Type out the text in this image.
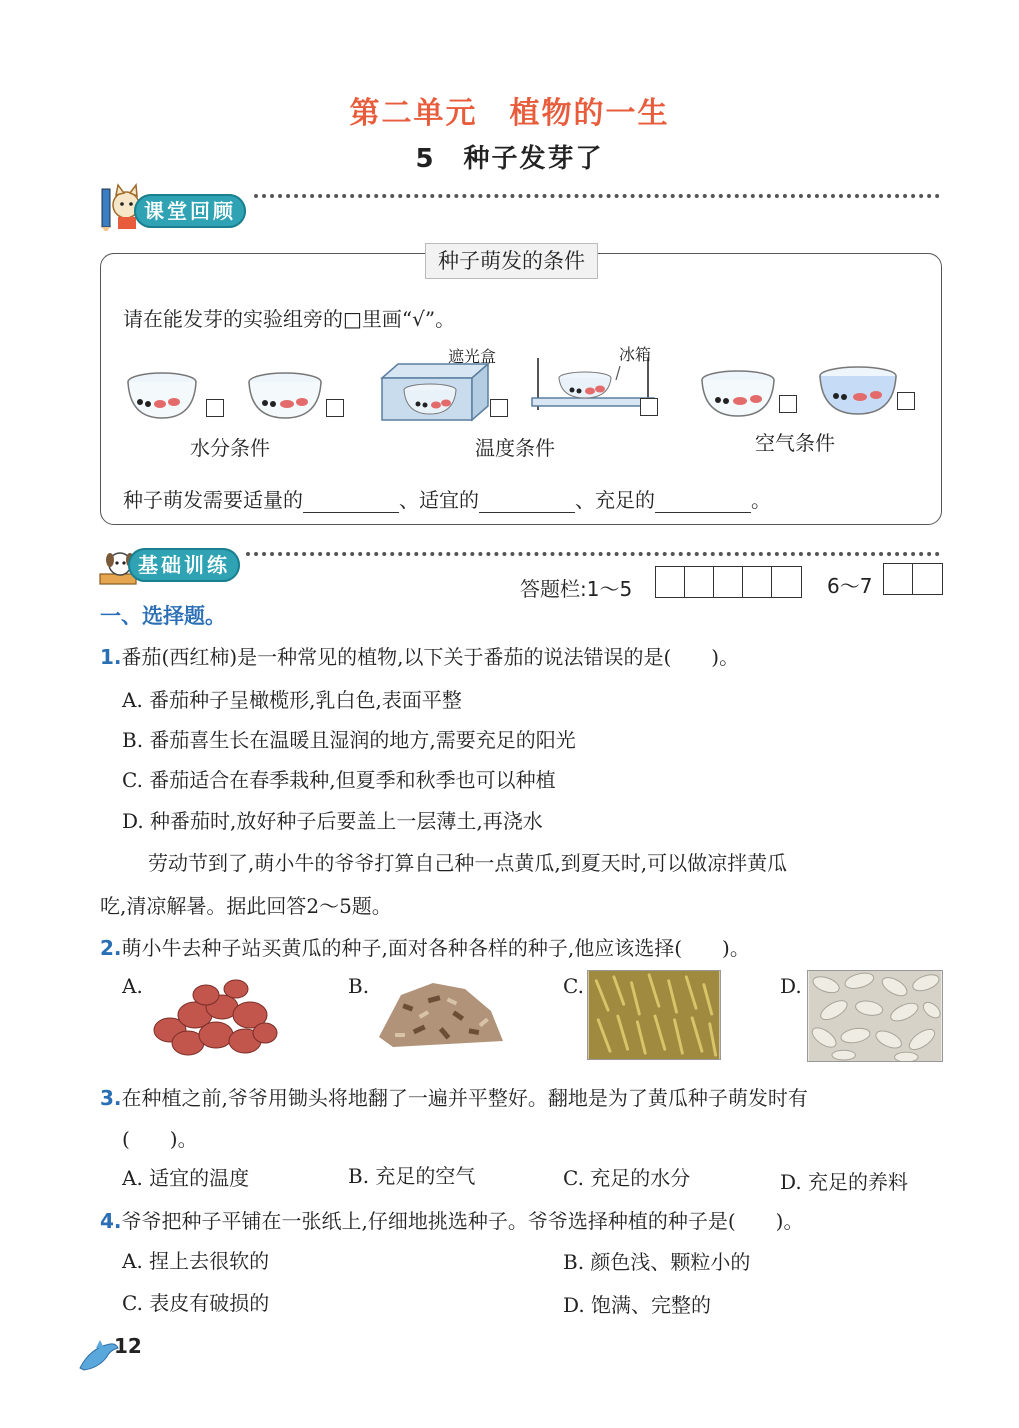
第二单元　植物的一生
5　种子发芽了
课堂回顾
种子萌发的条件
请在能发芽的实验组旁的□里画“√”。
遮光盒	冰箱
水分条件	温度条件	空气条件
种子萌发需要适量的	、适宜的	、充足的	。
基础训练
答题栏:1～5	6～7
一、选择题。
1.番茄(西红柿)是一种常见的植物,以下关于番茄的说法错误的是(　　)。
A. 番茄种子呈橄榄形,乳白色,表面平整
B. 番茄喜生长在温暖且湿润的地方,需要充足的阳光
C. 番茄适合在春季栽种,但夏季和秋季也可以种植
D. 种番茄时,放好种子后要盖上一层薄土,再浇水
劳动节到了,萌小牛的爷爷打算自己种一点黄瓜,到夏天时,可以做凉拌黄瓜
吃,清凉解暑。据此回答2～5题。
2.萌小牛去种子站买黄瓜的种子,面对各种各样的种子,他应该选择(　　)。
A.	B.	C.	D.
3.在种植之前,爷爷用锄头将地翻了一遍并平整好。翻地是为了黄瓜种子萌发时有
(　　)。
A. 适宜的温度	B. 充足的空气	C. 充足的水分	D. 充足的养料
4.爷爷把种子平铺在一张纸上,仔细地挑选种子。爷爷选择种植的种子是(　　)。
A. 捏上去很软的	B. 颜色浅、颗粒小的
C. 表皮有破损的	D. 饱满、完整的
12
